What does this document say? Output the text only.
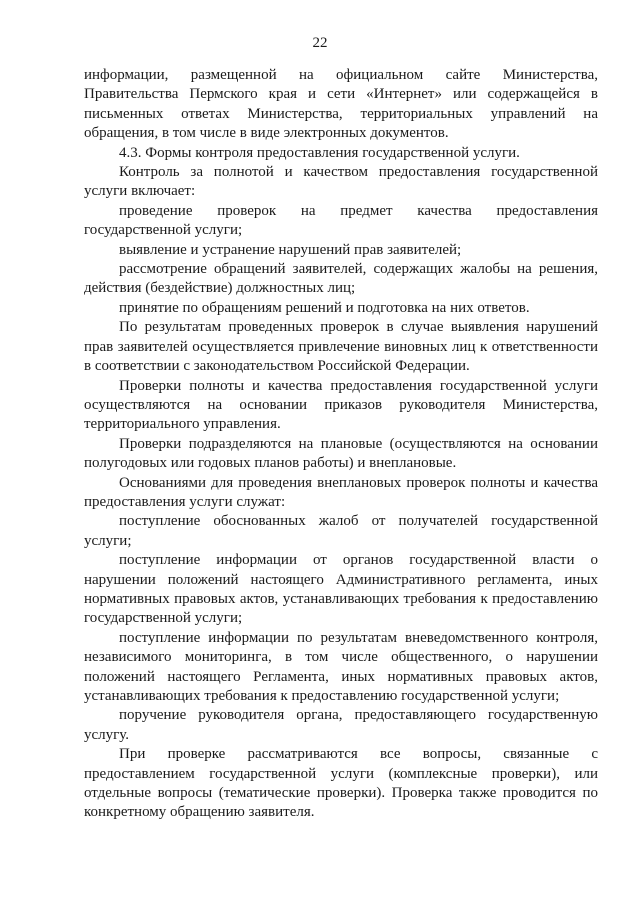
22

информации, размещенной на официальном сайте Министерства, Правительства Пермского края и сети «Интернет» или содержащейся в письменных ответах Министерства, территориальных управлений на обращения, в том числе в виде электронных документов.

4.3. Формы контроля предоставления государственной услуги.

Контроль за полнотой и качеством предоставления государственной услуги включает:

проведение проверок на предмет качества предоставления государственной услуги;

выявление и устранение нарушений прав заявителей;

рассмотрение обращений заявителей, содержащих жалобы на решения, действия (бездействие) должностных лиц;

принятие по обращениям решений и подготовка на них ответов.

По результатам проведенных проверок в случае выявления нарушений прав заявителей осуществляется привлечение виновных лиц к ответственности в соответствии с законодательством Российской Федерации.

Проверки полноты и качества предоставления государственной услуги осуществляются на основании приказов руководителя Министерства, территориального управления.

Проверки подразделяются на плановые (осуществляются на основании полугодовых или годовых планов работы) и внеплановые.

Основаниями для проведения внеплановых проверок полноты и качества предоставления услуги служат:

поступление обоснованных жалоб от получателей государственной услуги;

поступление информации от органов государственной власти о нарушении положений настоящего Административного регламента, иных нормативных правовых актов, устанавливающих требования к предоставлению государственной услуги;

поступление информации по результатам вневедомственного контроля, независимого мониторинга, в том числе общественного, о нарушении положений настоящего Регламента, иных нормативных правовых актов, устанавливающих требования к предоставлению государственной услуги;

поручение руководителя органа, предоставляющего государственную услугу.

При проверке рассматриваются все вопросы, связанные с предоставлением государственной услуги (комплексные проверки), или отдельные вопросы (тематические проверки). Проверка также проводится по конкретному обращению заявителя.
